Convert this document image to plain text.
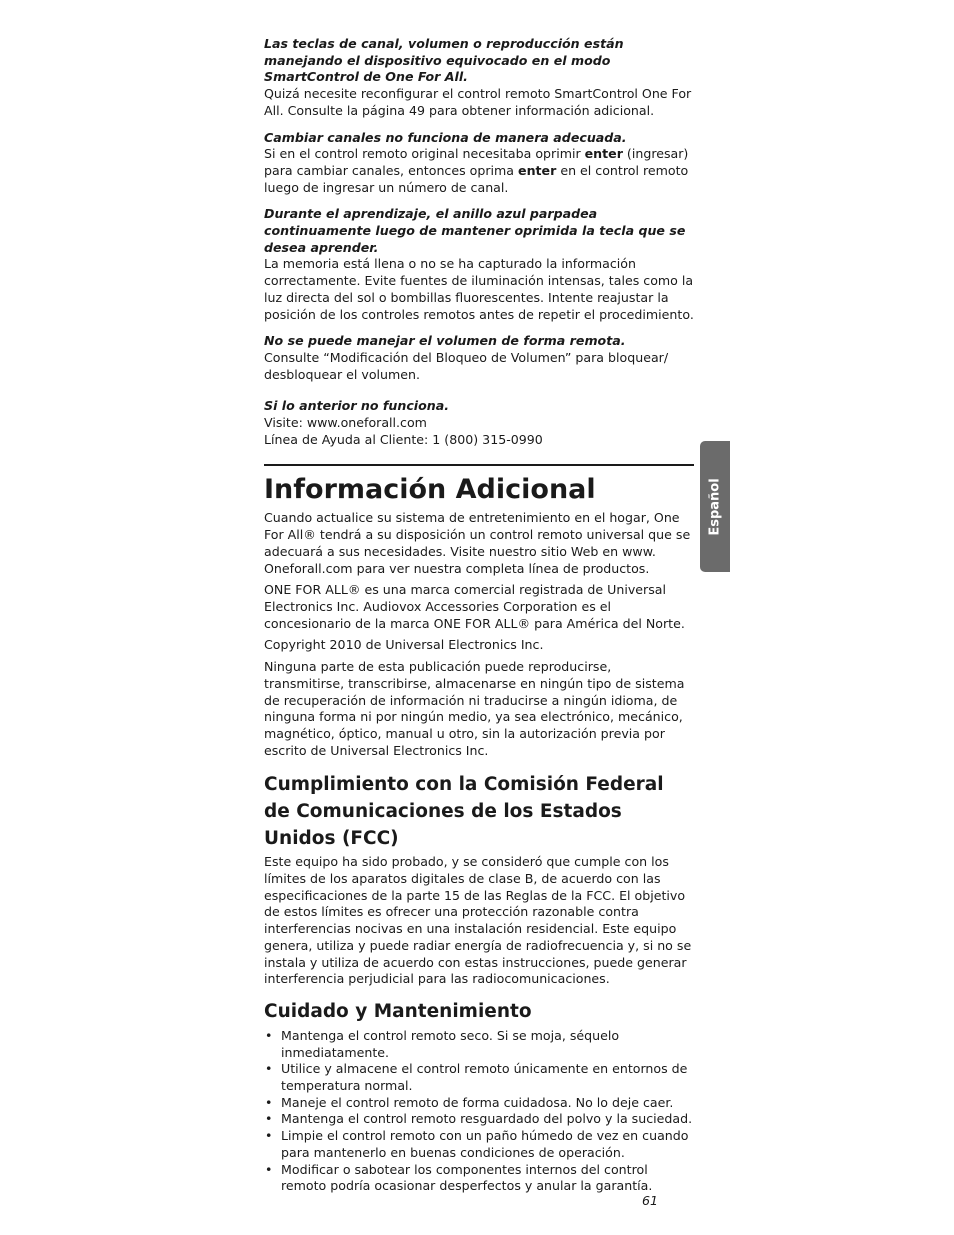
Las teclas de canal, volumen o reproducción están manejando el dispositivo equivocado en el modo SmartControl de One For All.

Quizá necesite reconfigurar el control remoto SmartControl One For All. Consulte la página 49 para obtener información adicional.

Cambiar canales no funciona de manera adecuada.

Si en el control remoto original necesitaba oprimir enter (ingresar) para cambiar canales, entonces oprima enter en el control remoto luego de ingresar un número de canal.

Durante el aprendizaje, el anillo azul parpadea continuamente luego de mantener oprimida la tecla que se desea aprender.

La memoria está llena o no se ha capturado la información correctamente. Evite fuentes de iluminación intensas, tales como la luz directa del sol o bombillas fluorescentes. Intente reajustar la posición de los controles remotos antes de repetir el procedimiento.

No se puede manejar el volumen de forma remota.

Consulte “Modificación del Bloqueo de Volumen” para bloquear/ desbloquear el volumen.

Si lo anterior no funciona.

Visite: www.oneforall.com

Línea de Ayuda al Cliente: 1 (800) 315-0990

Información Adicional

Cuando actualice su sistema de entretenimiento en el hogar, One For All® tendrá a su disposición un control remoto universal que se adecuará a sus necesidades. Visite nuestro sitio Web en www. Oneforall.com para ver nuestra completa línea de productos.

ONE FOR ALL® es una marca comercial registrada de Universal Electronics Inc. Audiovox Accessories Corporation es el concesionario de la marca ONE FOR ALL® para América del Norte.

Copyright 2010 de Universal Electronics Inc.

Ninguna parte de esta publicación puede reproducirse, transmitirse, transcribirse, almacenarse en ningún tipo de sistema de recuperación de información ni traducirse a ningún idioma, de ninguna forma ni por ningún medio, ya sea electrónico, mecánico, magnético, óptico, manual u otro, sin la autorización previa por escrito de Universal Electronics Inc.

Cumplimiento con la Comisión Federal de Comunicaciones de los Estados Unidos (FCC)

Este equipo ha sido probado, y se consideró que cumple con los límites de los aparatos digitales de clase B, de acuerdo con las especificaciones de la parte 15 de las Reglas de la FCC. El objetivo de estos límites es ofrecer una protección razonable contra interferencias nocivas en una instalación residencial. Este equipo genera, utiliza y puede radiar energía de radiofrecuencia y, si no se instala y utiliza de acuerdo con estas instrucciones, puede generar interferencia perjudicial para las radiocomunicaciones.

Cuidado y Mantenimiento
• Mantenga el control remoto seco. Si se moja, séquelo inmediatamente.
• Utilice y almacene el control remoto únicamente en entornos de temperatura normal.
• Maneje el control remoto de forma cuidadosa. No lo deje caer.
• Mantenga el control remoto resguardado del polvo y la suciedad.
• Limpie el control remoto con un paño húmedo de vez en cuando para mantenerlo en buenas condiciones de operación.
• Modificar o sabotear los componentes internos del control remoto podría ocasionar desperfectos y anular la garantía.
Español
61
